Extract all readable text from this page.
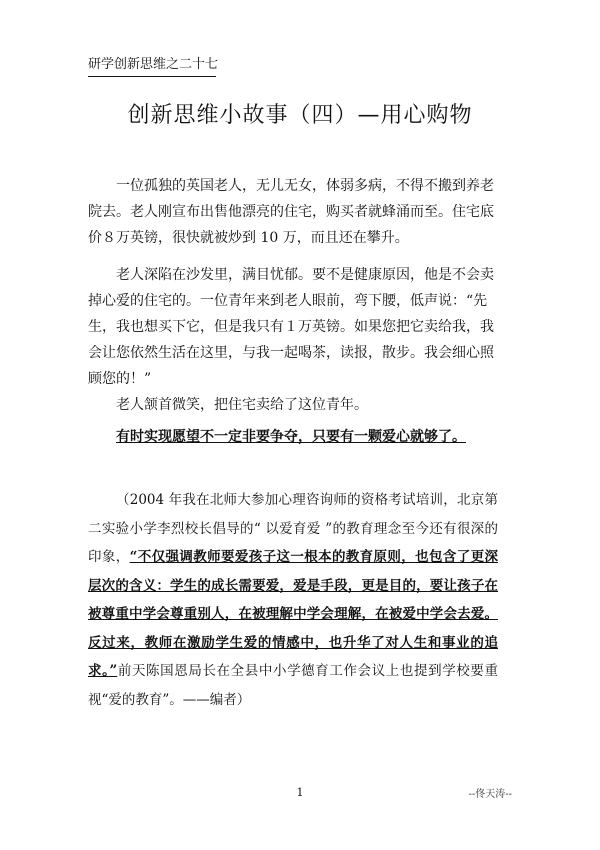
研学创新思维之二十七
创新思维小故事（四）—用心购物

一位孤独的英国老人，无儿无女，体弱多病，不得不搬到养老院去。老人刚宣布出售他漂亮的住宅，购买者就蜂涌而至。住宅底价８万英镑，很快就被炒到 10 万，而且还在攀升。

老人深陷在沙发里，满目忧郁。要不是健康原因，他是不会卖掉心爱的住宅的。一位青年来到老人眼前，弯下腰，低声说：“先生，我也想买下它，但是我只有１万英镑。如果您把它卖给我，我会让您依然生活在这里，与我一起喝茶，读报，散步。我会细心照顾您的！”

老人颔首微笑，把住宅卖给了这位青年。

有时实现愿望不一定非要争夺，只要有一颗爱心就够了。

（2004 年我在北师大参加心理咨询师的资格考试培训，北京第二实验小学李烈校长倡导的“ 以爱育爱 ”的教育理念至今还有很深的印象，“不仅强调教师要爱孩子这一根本的教育原则，也包含了更深层次的含义：学生的成长需要爱，爱是手段，更是目的，要让孩子在被尊重中学会尊重别人，在被理解中学会理解，在被爱中学会去爱。反过来，教师在激励学生爱的情感中，也升华了对人生和事业的追求。”前天陈国恩局长在全县中小学德育工作会议上也提到学校要重视“爱的教育”。——编者）

1	--佟天涛--
